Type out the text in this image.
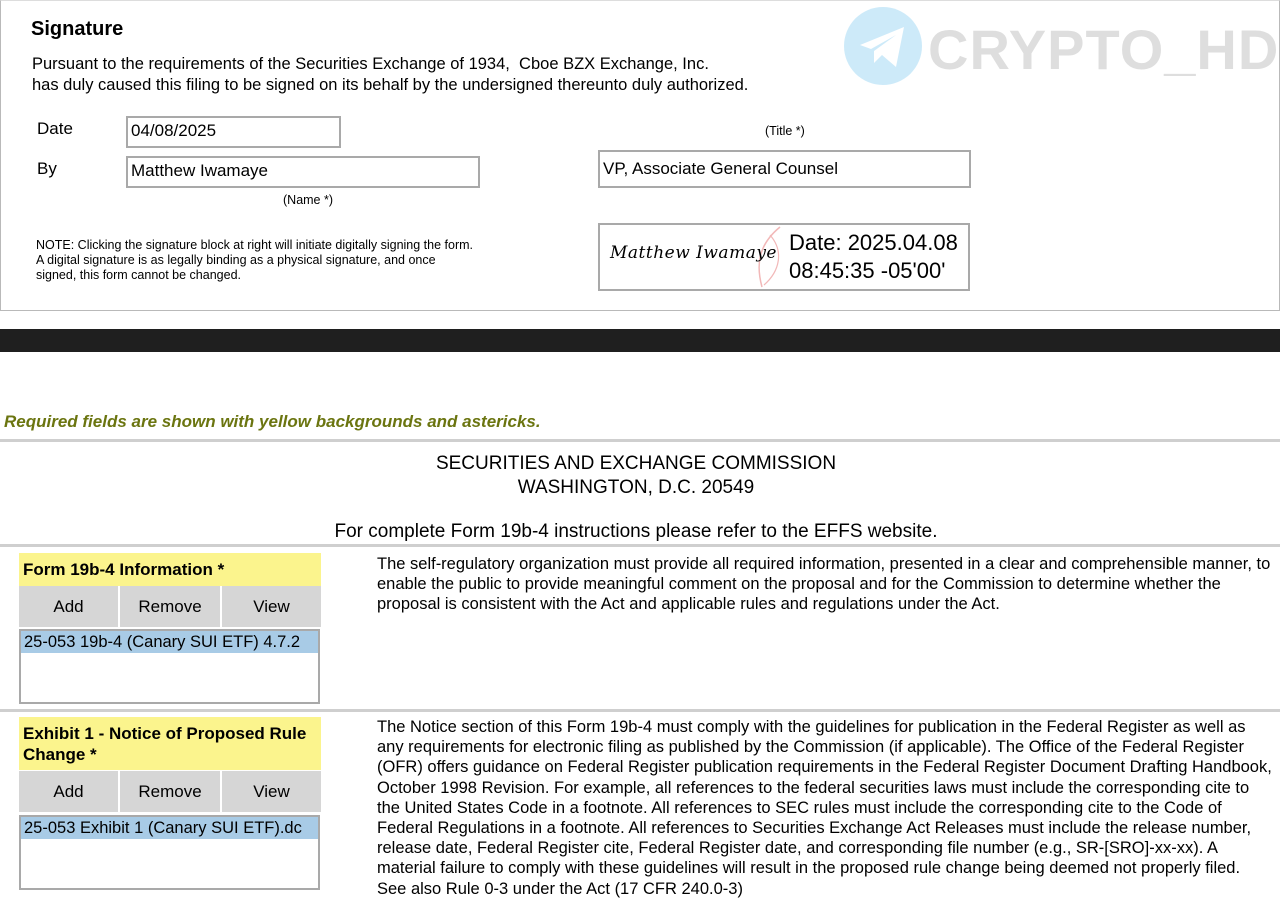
Signature
Pursuant to the requirements of the Securities Exchange of 1934, Cboe BZX Exchange, Inc.
has duly caused this filing to be signed on its behalf by the undersigned thereunto duly authorized.
Date	04/08/2025
By	Matthew Iwamaye
(Name *)
(Title *)
VP, Associate General Counsel
NOTE: Clicking the signature block at right will initiate digitally signing the form. A digital signature is as legally binding as a physical signature, and once signed, this form cannot be changed.
Matthew Iwamaye Date: 2025.04.08
08:45:35 -05'00'
CRYPTO_HD
Required fields are shown with yellow backgrounds and astericks.
SECURITIES AND EXCHANGE COMMISSION
WASHINGTON, D.C. 20549
For complete Form 19b-4 instructions please refer to the EFFS website.
Form 19b-4 Information *
Add	Remove	View
25-053 19b-4 (Canary SUI ETF) 4.7.2
The self-regulatory organization must provide all required information, presented in a clear and comprehensible manner, to enable the public to provide meaningful comment on the proposal and for the Commission to determine whether the proposal is consistent with the Act and applicable rules and regulations under the Act.
Exhibit 1 - Notice of Proposed Rule Change *
Add	Remove	View
25-053 Exhibit 1 (Canary SUI ETF).dc
The Notice section of this Form 19b-4 must comply with the guidelines for publication in the Federal Register as well as any requirements for electronic filing as published by the Commission (if applicable). The Office of the Federal Register (OFR) offers guidance on Federal Register publication requirements in the Federal Register Document Drafting Handbook, October 1998 Revision. For example, all references to the federal securities laws must include the corresponding cite to the United States Code in a footnote. All references to SEC rules must include the corresponding cite to the Code of Federal Regulations in a footnote. All references to Securities Exchange Act Releases must include the release number, release date, Federal Register cite, Federal Register date, and corresponding file number (e.g., SR-[SRO]-xx-xx). A material failure to comply with these guidelines will result in the proposed rule change being deemed not properly filed. See also Rule 0-3 under the Act (17 CFR 240.0-3)
